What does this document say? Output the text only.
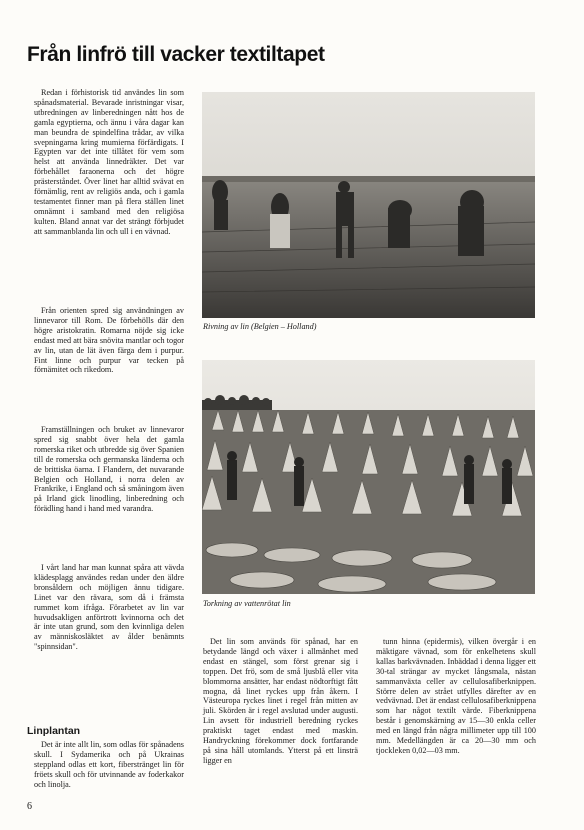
Från linfrö till vacker textiltapet

Redan i förhistorisk tid användes lin som spånadsmaterial. Bevarade inristningar visar, utbredningen av linberedningen nått hos de gamla egyptierna, och ännu i våra dagar kan man beundra de spindelfina trådar, av vilka svepningarna kring mumierna förfärdigats. I Egypten var det inte tillåtet för vem som helst att använda linnedräkter. Det var förbehållet faraonerna och det högre prästerståndet. Över linet har alltid svävat en förnämlig, rent av religiös anda, och i gamla testamentet finner man på flera ställen linet omnämnt i samband med den religiösa kulten. Bland annat var det strängt förbjudet att sammanblanda lin och ull i en vävnad.

Från orienten spred sig användningen av linnevaror till Rom. De förbehölls där den högre aristokratin. Romarna nöjde sig icke endast med att bära snövita mantlar och togor av lin, utan de lät även färga dem i purpur. Fint linne och purpur var tecken på förnämitet och rikedom.

Framställningen och bruket av linnevaror spred sig snabbt över hela det gamla romerska riket och utbredde sig över Spanien till de romerska och germanska länderna och de brittiska öarna. I Flandern, det nuvarande Belgien och Holland, i norra delen av Frankrike, i England och så småningom även på Irland gick linodling, linberedning och förädling hand i hand med varandra.

I vårt land har man kunnat spåra att vävda klädesplagg användes redan under den äldre bronsåldern och möjligen ännu tidigare. Linet var den rävara, som då i främsta rummet kom ifråga. Förarbetet av lin var huvudsakligen anförtrott kvinnorna och det är inte utan grund, som den kvinnliga delen av människosläktet av ålder benämnts "spinnsidan".

Linplantan

Det är inte allt lin, som odlas för spånadens skull. I Sydamerika och på Ukrainas steppland odlas ett kort, fiberstränget lin för fröets skull och för utvinnande av foderkakor och linolja.

Rivning av lin (Belgien – Holland)

Torkning av vattenrötat lin

Det lin som används för spånad, har en betydande längd och växer i allmänhet med endast en stängel, som först grenar sig i toppen. Det frö, som de små ljusblå eller vita blommorna ansätter, har endast nödtorftigt fått mogna, då linet ryckes upp från åkern. I Västeuropa ryckes linet i regel från mitten av juli. Skörden är i regel avslutad under augusti. Lin avsett för industriell beredning ryckes praktiskt taget endast med maskin. Handryckning förekommer dock fortfarande på sina håll utomlands. Ytterst på ett linsträ ligger en

tunn hinna (epidermis), vilken övergår i en mäktigare vävnad, som för enkelhetens skull kallas barkvävnaden. Inbäddad i denna ligger ett 30-tal strängar av mycket långsmala, nästan sammanväxta celler av cellulosafiberknippen. Större delen av strået utfylles därefter av en vedvävnad. Det är endast cellulosafiberknippena som har något textilt värde. Fiberknippena består i genomskärning av 15—30 enkla celler med en längd från några millimeter upp till 100 mm. Medellängden är ca 20—30 mm och tjockleken 0,02—03 mm.

6
